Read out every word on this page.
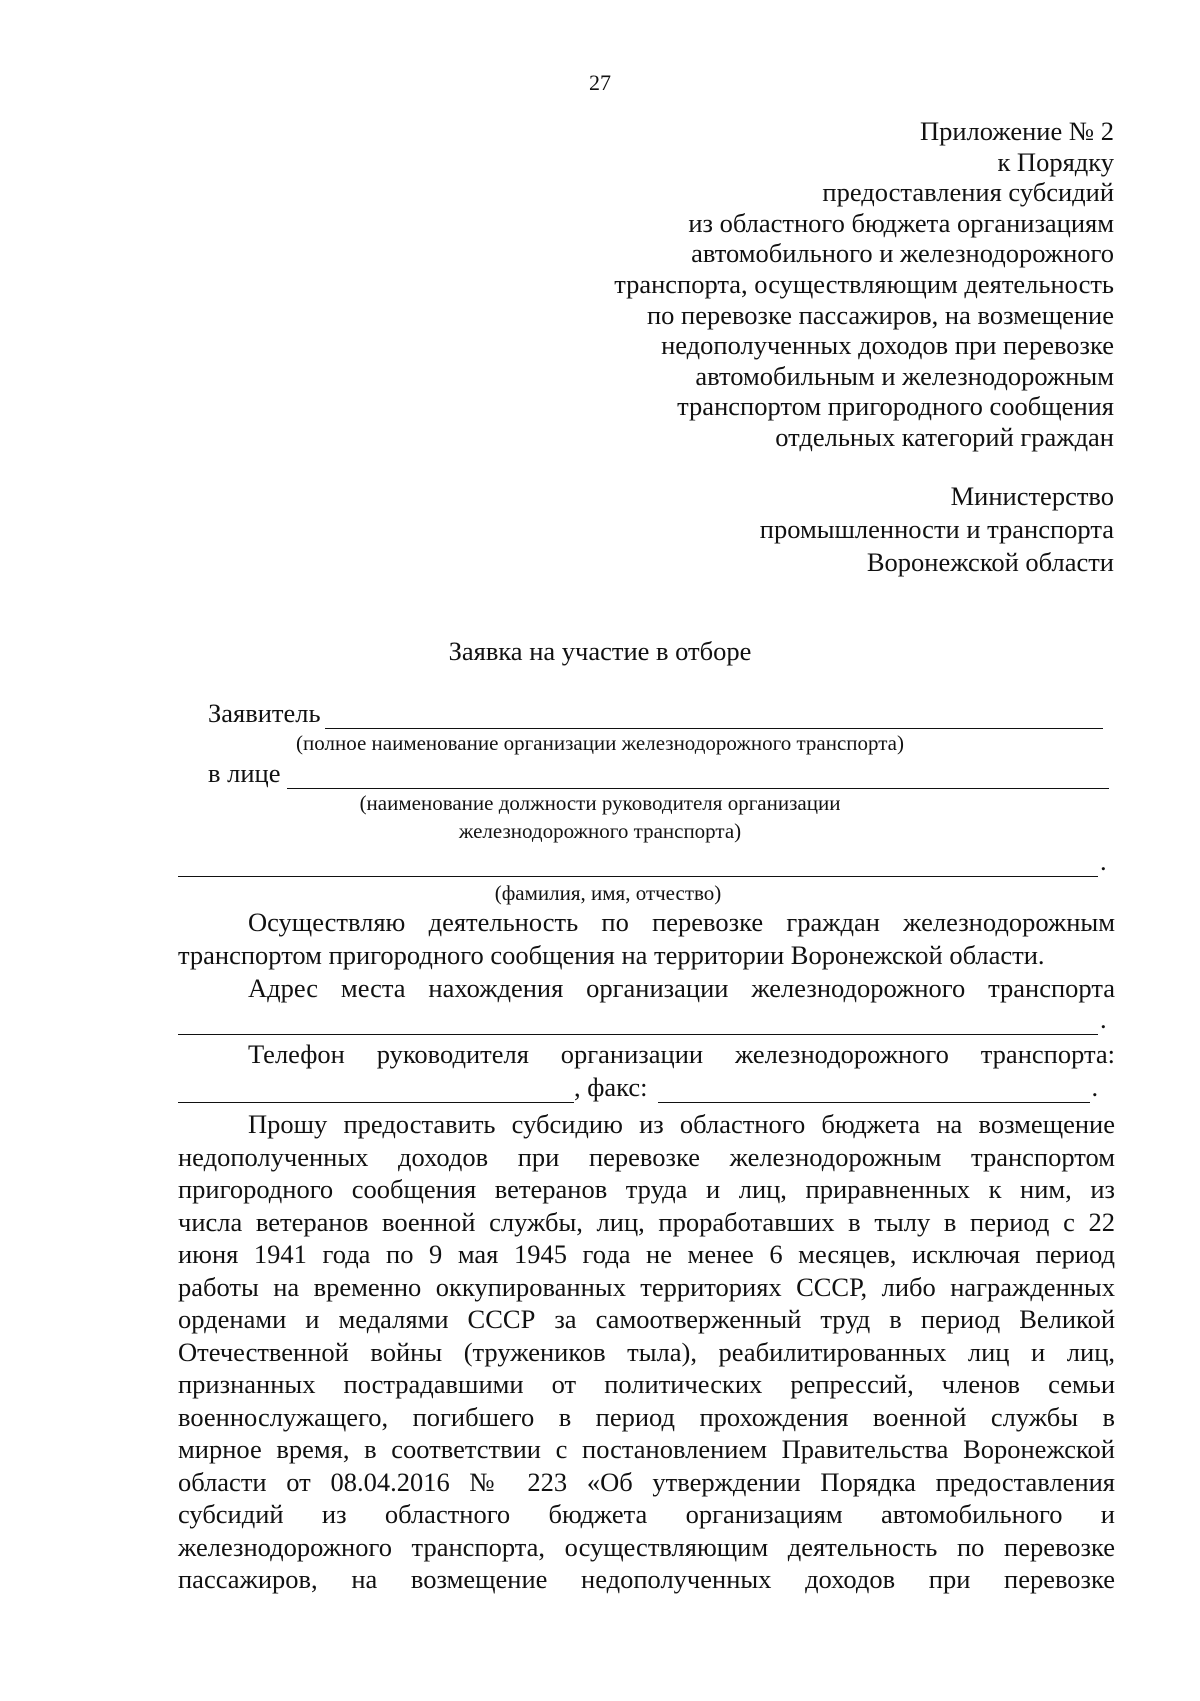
27
Приложение № 2
к Порядку
предоставления субсидий
из областного бюджета организациям
автомобильного и железнодорожного
транспорта, осуществляющим деятельность
по перевозке пассажиров, на возмещение
недополученных доходов при перевозке
автомобильным и железнодорожным
транспортом пригородного сообщения
отдельных категорий граждан
Министерство
промышленности и транспорта
Воронежской области
Заявка на участие в отборе
Заявитель
(полное наименование организации железнодорожного транспорта)
в лице
(наименование должности руководителя организации
железнодорожного транспорта)
.
(фамилия, имя, отчество)
Осуществляю деятельность по перевозке граждан железнодорожным транспортом пригородного сообщения на территории Воронежской области.
Адрес места нахождения организации железнодорожного транспорта
.
Телефон руководителя организации железнодорожного транспорта:
, факс:	.
Прошу предоставить субсидию из областного бюджета на возмещение
недополученных доходов при перевозке железнодорожным транспортом
пригородного сообщения ветеранов труда и лиц, приравненных к ним, из
числа ветеранов военной службы, лиц, проработавших в тылу в период с 22
июня 1941 года по 9 мая 1945 года не менее 6 месяцев, исключая период
работы на временно оккупированных территориях СССР, либо награжденных
орденами и медалями СССР за самоотверженный труд в период Великой
Отечественной войны (тружеников тыла), реабилитированных лиц и лиц,
признанных пострадавшими от политических репрессий, членов семьи
военнослужащего, погибшего в период прохождения военной службы в
мирное время, в соответствии с постановлением Правительства Воронежской
области от 08.04.2016 № 223 «Об утверждении Порядка предоставления
субсидий из областного бюджета организациям автомобильного и
железнодорожного транспорта, осуществляющим деятельность по перевозке
пассажиров, на возмещение недополученных доходов при перевозке
